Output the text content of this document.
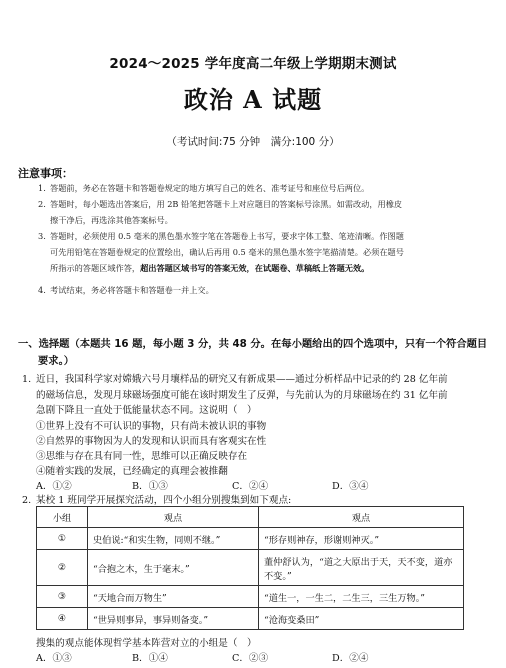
2024～2025 学年度高二年级上学期期末测试
政治 A 试题
（考试时间:75 分钟　满分:100 分）
注意事项：
1. 答题前，务必在答题卡和答题卷规定的地方填写自己的姓名、准考证号和座位号后两位。
2. 答题时，每小题选出答案后，用 2B 铅笔把答题卡上对应题目的答案标号涂黑。如需改动，用橡皮
擦干净后，再选涂其他答案标号。
3. 答题时，必须使用 0.5 毫米的黑色墨水签字笔在答题卷上书写，要求字体工整、笔迹清晰。作图题
可先用铅笔在答题卷规定的位置绘出，确认后再用 0.5 毫米的黑色墨水签字笔描清楚。必须在题号
所指示的答题区域作答，超出答题区域书写的答案无效，在试题卷、草稿纸上答题无效。
4. 考试结束，务必将答题卡和答题卷一并上交。
一、选择题（本题共 16 题，每小题 3 分，共 48 分。在每小题给出的四个选项中，只有一个符合题目
要求。）
1. 近日，我国科学家对嫦娥六号月壤样品的研究又有新成果——通过分析样品中记录的约 28 亿年前
的磁场信息，发现月球磁场强度可能在该时期发生了反弹，与先前认为的月球磁场在约 31 亿年前
急剧下降且一直处于低能量状态不同。这说明（　）
①世界上没有不可认识的事物，只有尚未被认识的事物
②自然界的事物因为人的发现和认识而具有客观实在性
③思维与存在具有同一性，思维可以正确反映存在
④随着实践的发展，已经确定的真理会被推翻
A．①②	B．①③	C．②④	D．③④
2. 某校 1 班同学开展探究活动，四个小组分别搜集到如下观点:
小组	观点	观点
①	史伯说:“和实生物，同则不继。”	“形存则神存，形谢则神灭。”
②	“合抱之木，生于毫末。”	董仲舒认为，“道之大原出于天，天不变，道亦不变。”
③	“天地合而万物生”	“道生一，一生二，二生三，三生万物。”
④	“世异则事异，事异则备变。”	“沧海变桑田”
搜集的观点能体现哲学基本阵营对立的小组是（　）
A．①③	B．①④	C．②③	D．②④
